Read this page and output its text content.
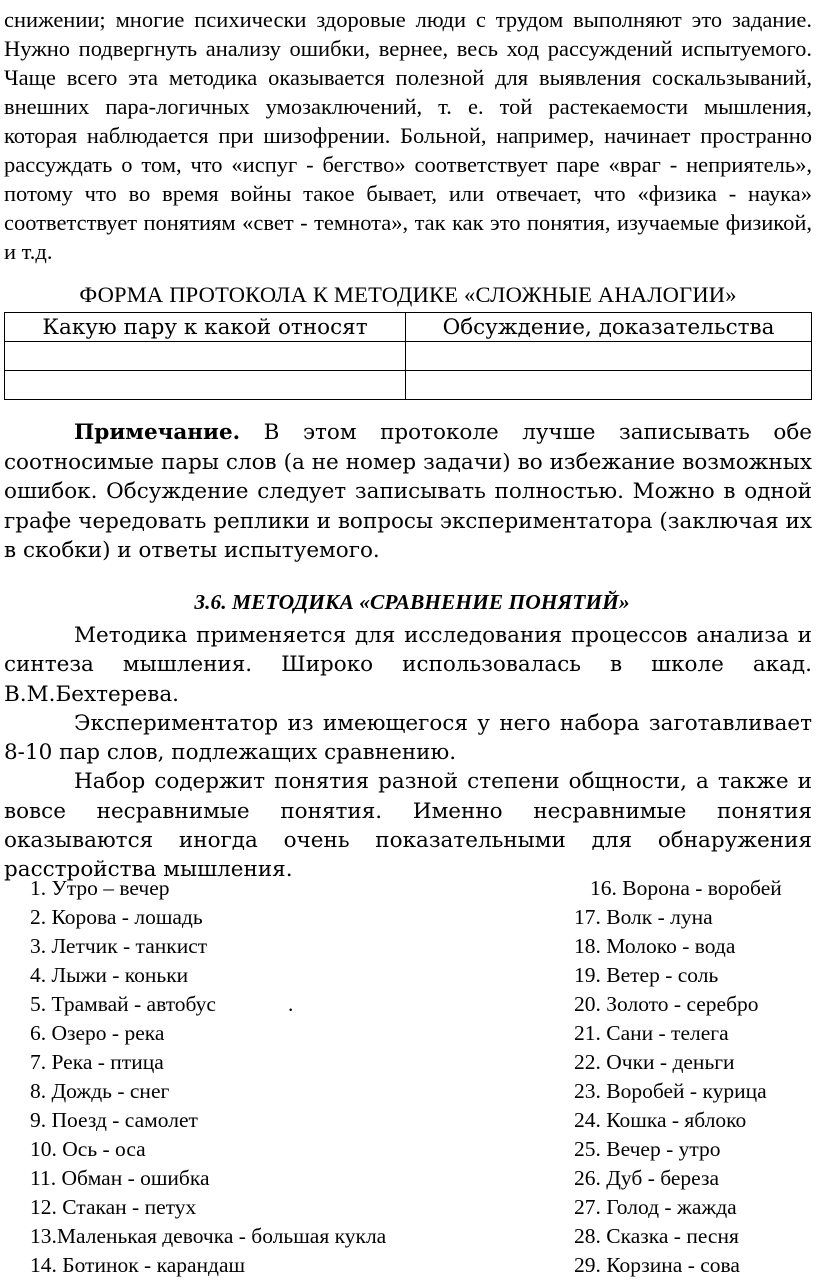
снижении; многие психически здоровые люди с трудом выполняют это задание. Нужно подвергнуть анализу ошибки, вернее, весь ход рассуждений испытуемого. Чаще всего эта методика оказывается полезной для выявления соскальзываний, внешних пара-логичных умозаключений, т. е. той растекаемости мышления, которая наблюдается при шизофрении. Больной, например, начинает пространно рассуждать о том, что «испуг - бегство» соответствует паре «враг - неприятель», потому что во время войны такое бывает, или отвечает, что «физика - наука» соответствует понятиям «свет - темнота», так как это понятия, изучаемые физикой, и т.д.

ФОРМА ПРОТОКОЛА К МЕТОДИКЕ «СЛОЖНЫЕ АНАЛОГИИ»
Какую пару к какой относят	Обсуждение, доказательства

Примечание. В этом протоколе лучше записывать обе соотносимые пары слов (а не номер задачи) во избежание возможных ошибок. Обсуждение следует записывать полностью. Можно в одной графе чередовать реплики и вопросы экспериментатора (заключая их в скобки) и ответы испытуемого.

3.6. МЕТОДИКА «СРАВНЕНИЕ ПОНЯТИЙ»

Методика применяется для исследования процессов анализа и синтеза мышления. Широко использовалась в школе акад. В.М.Бехтерева.

Экспериментатор из имеющегося у него набора заготавливает 8-10 пар слов, подлежащих сравнению.

Набор содержит понятия разной степени общности, а также и вовсе несравнимые понятия. Именно несравнимые понятия оказываются иногда очень показательными для обнаружения расстройства мышления.

1. Утро – вечер	16. Ворона - воробей
2. Корова - лошадь	17. Волк - луна
3. Летчик - танкист	18. Молоко - вода
4. Лыжи - коньки	19. Ветер - соль
5. Трамвай - автобус	.	20. Золото - серебро
6. Озеро - река	21. Сани - телега
7. Река - птица	22. Очки - деньги
8. Дождь - снег	23. Воробей - курица
9. Поезд - самолет	24. Кошка - яблоко
10. Ось - оса	25. Вечер - утро
11. Обман - ошибка	26. Дуб - береза
12. Стакан - петух	27. Голод - жажда
13.Маленькая девочка - большая кукла	28. Сказка - песня
14. Ботинок - карандаш	29. Корзина - сова
